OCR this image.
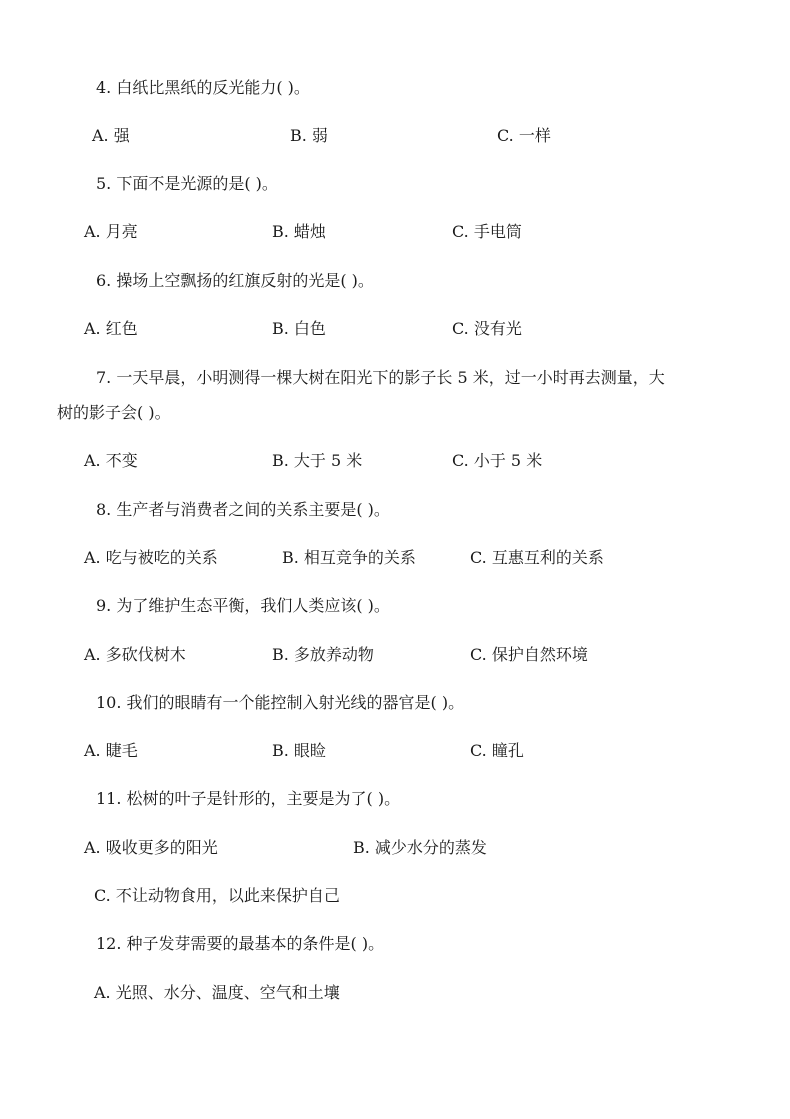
4. 白纸比黑纸的反光能力( )。
A. 强	B. 弱	C. 一样
5. 下面不是光源的是( )。
A. 月亮	B. 蜡烛	C. 手电筒
6. 操场上空飘扬的红旗反射的光是( )。
A. 红色	B. 白色	C. 没有光
7. 一天早晨，小明测得一棵大树在阳光下的影子长 5 米，过一小时再去测量，大
树的影子会( )。
A. 不变	B. 大于 5 米	C. 小于 5 米
8. 生产者与消费者之间的关系主要是( )。
A. 吃与被吃的关系	B. 相互竞争的关系	C. 互惠互利的关系
9. 为了维护生态平衡，我们人类应该( )。
A. 多砍伐树木	B. 多放养动物	C. 保护自然环境
10. 我们的眼睛有一个能控制入射光线的器官是( )。
A. 睫毛	B. 眼睑	C. 瞳孔
11. 松树的叶子是针形的，主要是为了( )。
A. 吸收更多的阳光	B. 减少水分的蒸发
C. 不让动物食用，以此来保护自己
12. 种子发芽需要的最基本的条件是( )。
A. 光照、水分、温度、空气和土壤
